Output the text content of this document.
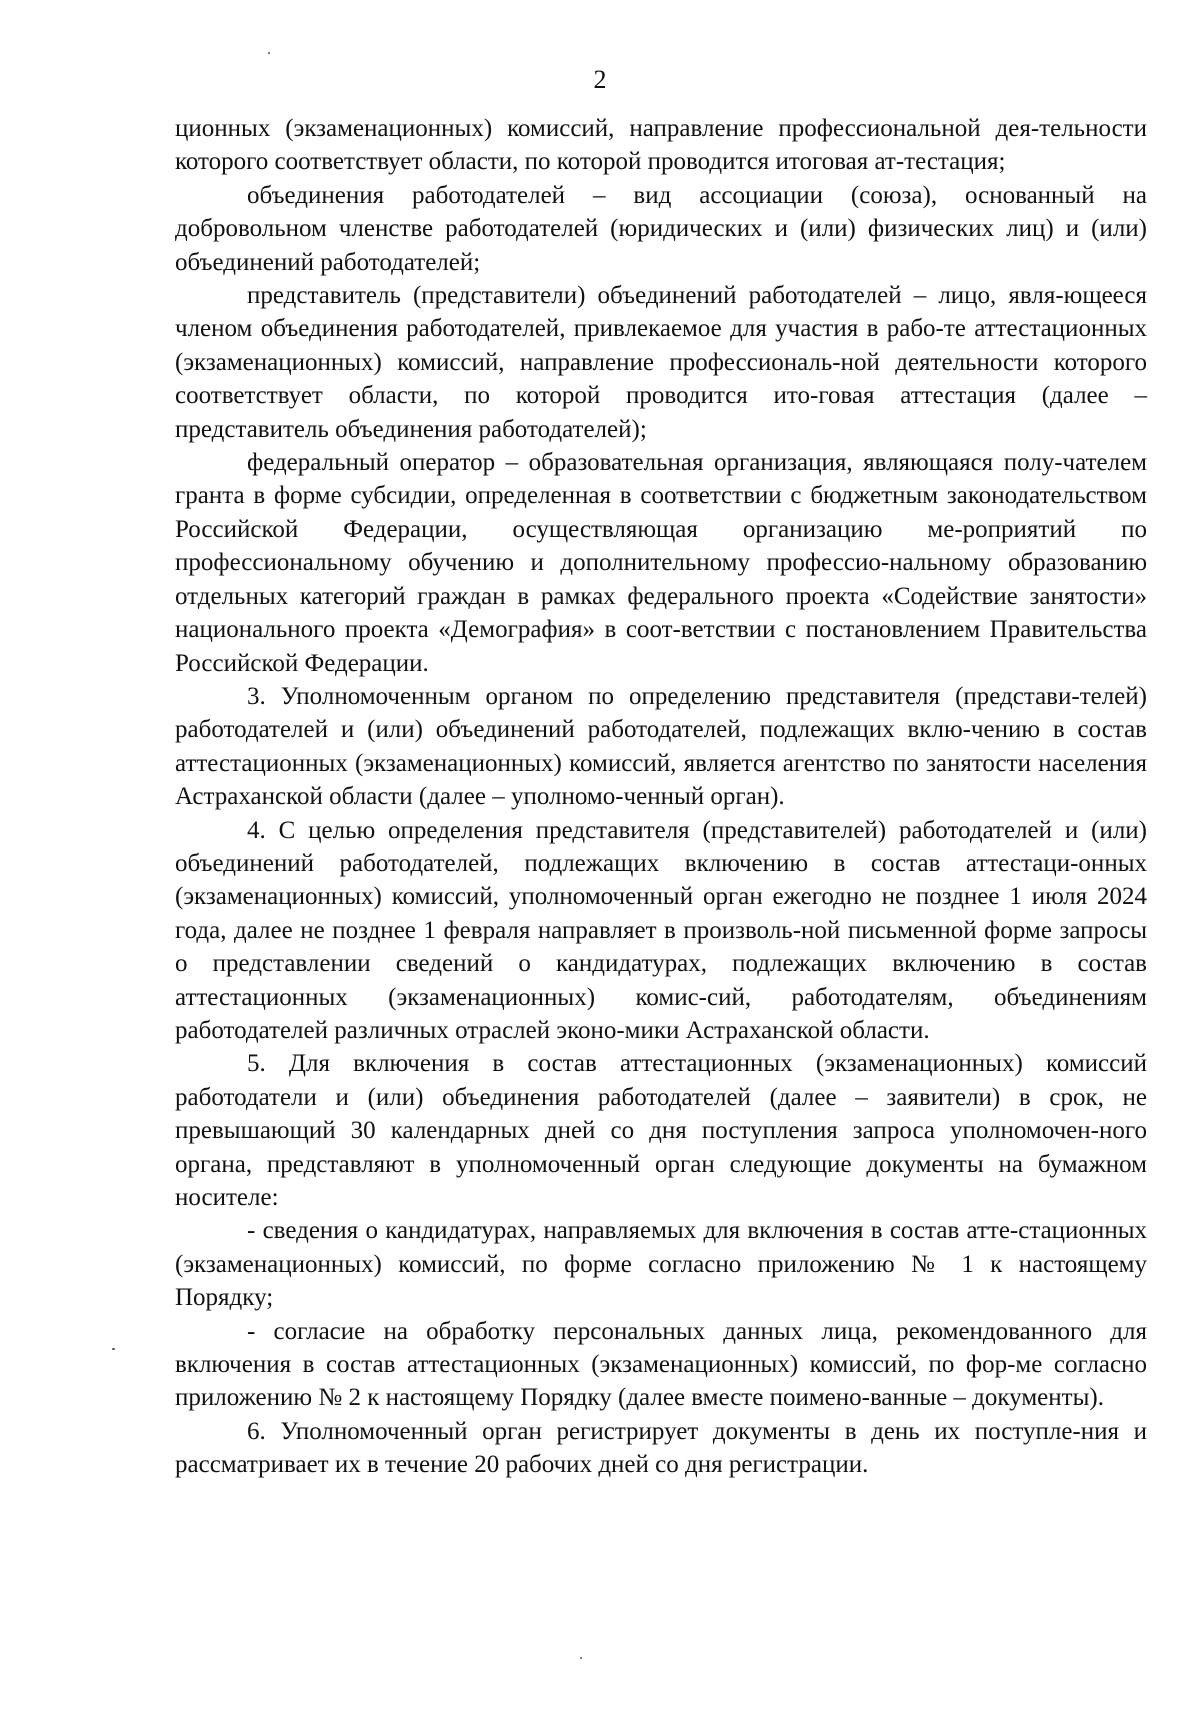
2

ционных (экзаменационных) комиссий, направление профессиональной дея-тельности которого соответствует области, по которой проводится итоговая ат-тестация;

объединения работодателей – вид ассоциации (союза), основанный на добровольном членстве работодателей (юридических и (или) физических лиц) и (или) объединений работодателей;

представитель (представители) объединений работодателей – лицо, явля-ющееся членом объединения работодателей, привлекаемое для участия в рабо-те аттестационных (экзаменационных) комиссий, направление профессиональ-ной деятельности которого соответствует области, по которой проводится ито-говая аттестация (далее – представитель объединения работодателей);

федеральный оператор – образовательная организация, являющаяся полу-чателем гранта в форме субсидии, определенная в соответствии с бюджетным законодательством Российской Федерации, осуществляющая организацию ме-роприятий по профессиональному обучению и дополнительному профессио-нальному образованию отдельных категорий граждан в рамках федерального проекта «Содействие занятости» национального проекта «Демография» в соот-ветствии с постановлением Правительства Российской Федерации.

3. Уполномоченным органом по определению представителя (представи-телей) работодателей и (или) объединений работодателей, подлежащих вклю-чению в состав аттестационных (экзаменационных) комиссий, является агентство по занятости населения Астраханской области (далее – уполномо-ченный орган).

4. С целью определения представителя (представителей) работодателей и (или) объединений работодателей, подлежащих включению в состав аттестаци-онных (экзаменационных) комиссий, уполномоченный орган ежегодно не позднее 1 июля 2024 года, далее не позднее 1 февраля направляет в произволь-ной письменной форме запросы о представлении сведений о кандидатурах, подлежащих включению в состав аттестационных (экзаменационных) комис-сий, работодателям, объединениям работодателей различных отраслей эконо-мики Астраханской области.

5. Для включения в состав аттестационных (экзаменационных) комиссий работодатели и (или) объединения работодателей (далее – заявители) в срок, не превышающий 30 календарных дней со дня поступления запроса уполномочен-ного органа, представляют в уполномоченный орган следующие документы на бумажном носителе:

- сведения о кандидатурах, направляемых для включения в состав атте-стационных (экзаменационных) комиссий, по форме согласно приложению № 1 к настоящему Порядку;

- согласие на обработку персональных данных лица, рекомендованного для включения в состав аттестационных (экзаменационных) комиссий, по фор-ме согласно приложению № 2 к настоящему Порядку (далее вместе поимено-ванные – документы).

6. Уполномоченный орган регистрирует документы в день их поступле-ния и рассматривает их в течение 20 рабочих дней со дня регистрации.
